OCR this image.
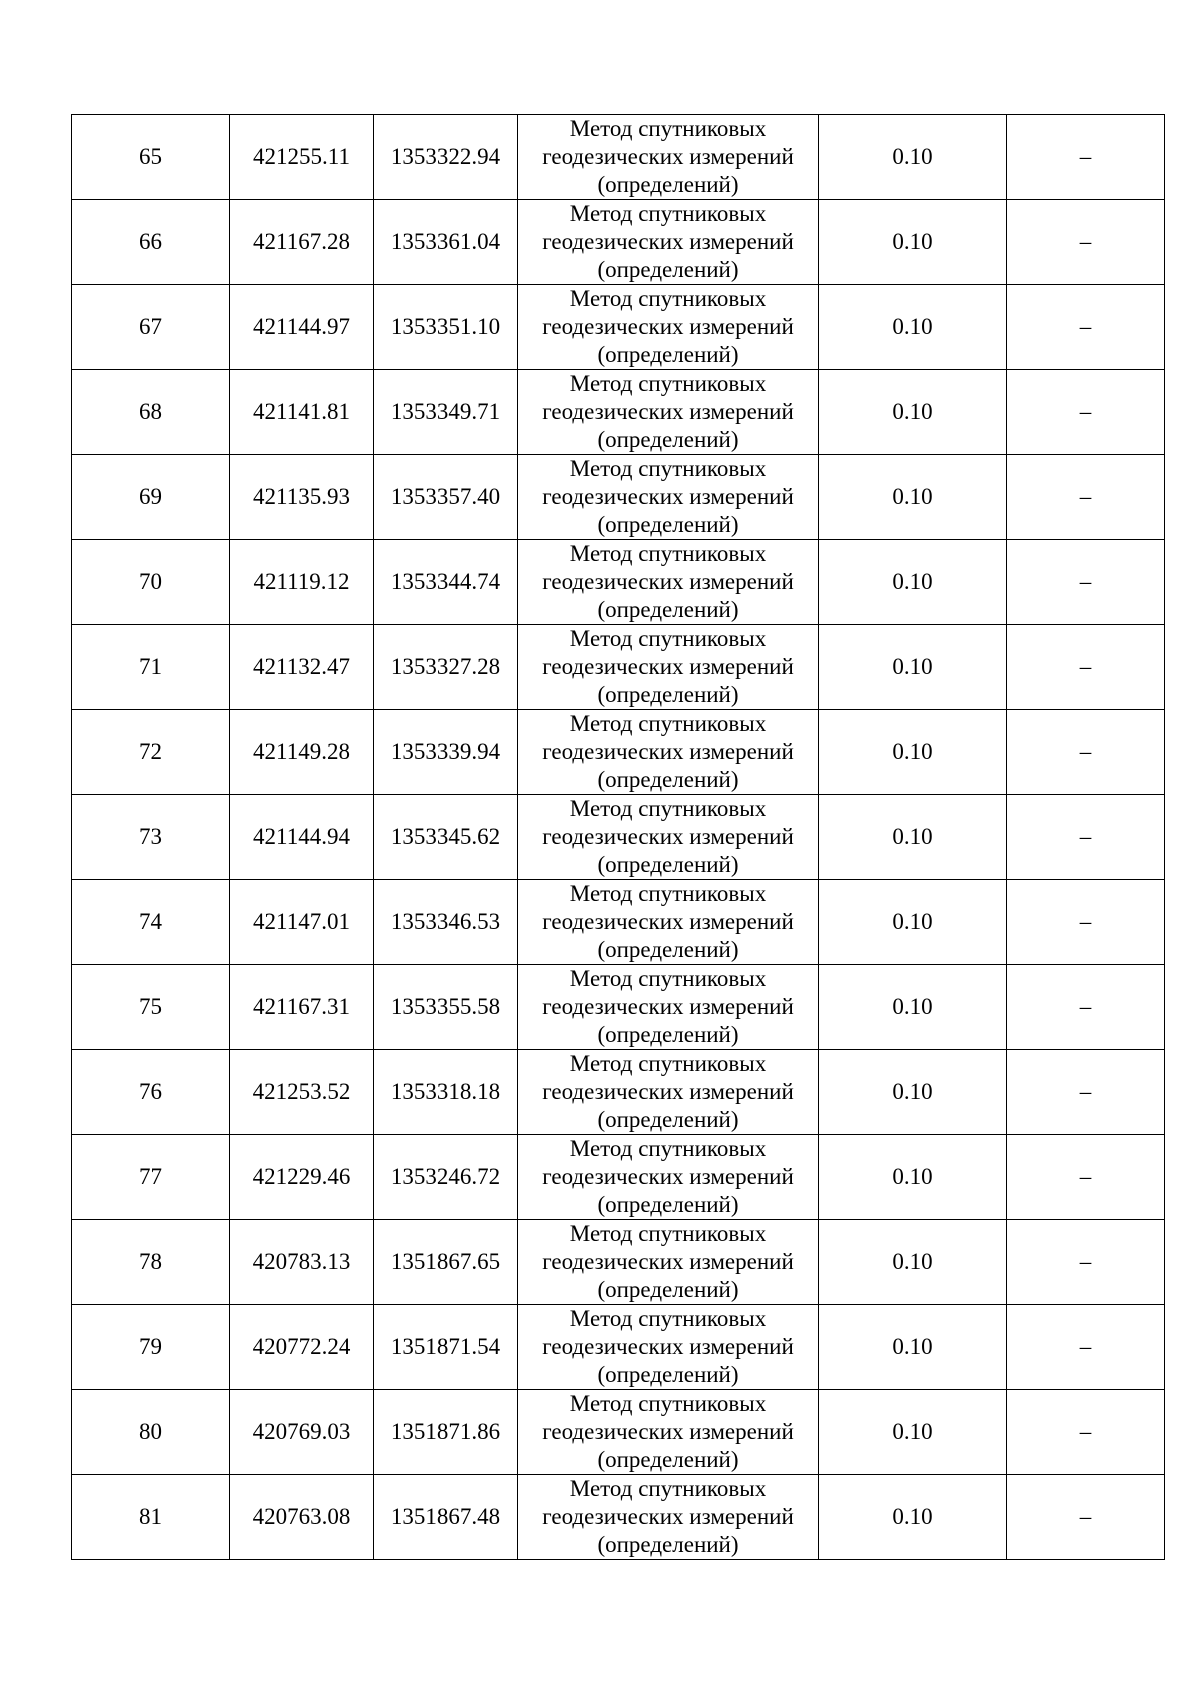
65	421255.11	1353322.94	Метод спутниковых
геодезических измерений
(определений)	0.10	–
66	421167.28	1353361.04	Метод спутниковых
геодезических измерений
(определений)	0.10	–
67	421144.97	1353351.10	Метод спутниковых
геодезических измерений
(определений)	0.10	–
68	421141.81	1353349.71	Метод спутниковых
геодезических измерений
(определений)	0.10	–
69	421135.93	1353357.40	Метод спутниковых
геодезических измерений
(определений)	0.10	–
70	421119.12	1353344.74	Метод спутниковых
геодезических измерений
(определений)	0.10	–
71	421132.47	1353327.28	Метод спутниковых
геодезических измерений
(определений)	0.10	–
72	421149.28	1353339.94	Метод спутниковых
геодезических измерений
(определений)	0.10	–
73	421144.94	1353345.62	Метод спутниковых
геодезических измерений
(определений)	0.10	–
74	421147.01	1353346.53	Метод спутниковых
геодезических измерений
(определений)	0.10	–
75	421167.31	1353355.58	Метод спутниковых
геодезических измерений
(определений)	0.10	–
76	421253.52	1353318.18	Метод спутниковых
геодезических измерений
(определений)	0.10	–
77	421229.46	1353246.72	Метод спутниковых
геодезических измерений
(определений)	0.10	–
78	420783.13	1351867.65	Метод спутниковых
геодезических измерений
(определений)	0.10	–
79	420772.24	1351871.54	Метод спутниковых
геодезических измерений
(определений)	0.10	–
80	420769.03	1351871.86	Метод спутниковых
геодезических измерений
(определений)	0.10	–
81	420763.08	1351867.48	Метод спутниковых
геодезических измерений
(определений)	0.10	–
